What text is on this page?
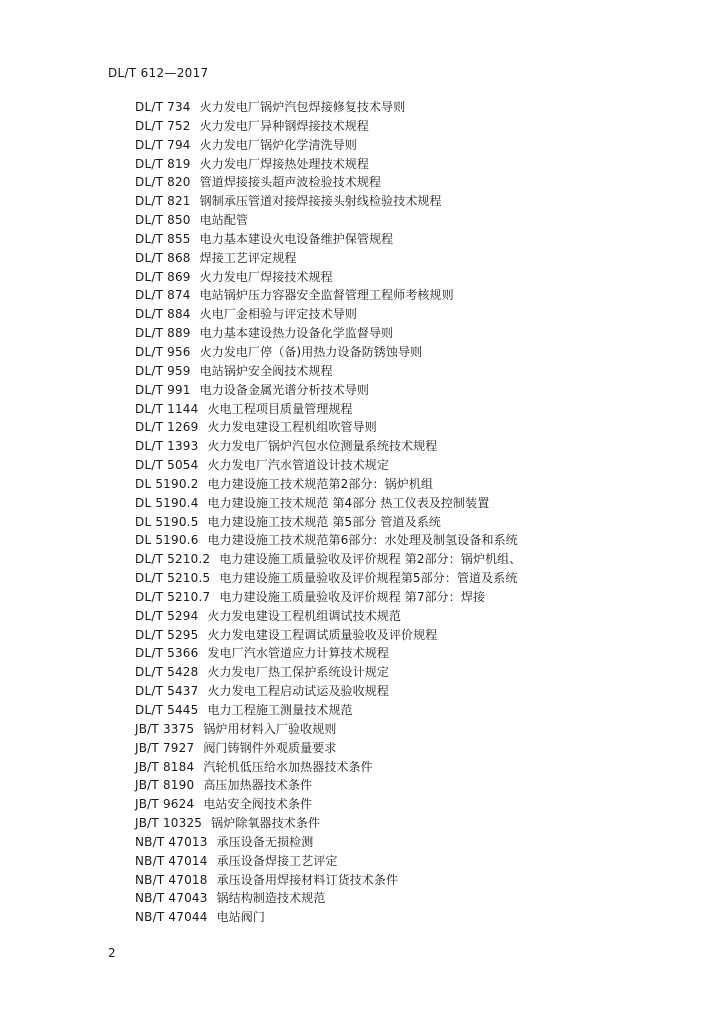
DL/T 612—2017
DL/T 734 火力发电厂锅炉汽包焊接修复技术导则
DL/T 752 火力发电厂异种钢焊接技术规程
DL/T 794 火力发电厂锅炉化学清洗导则
DL/T 819 火力发电厂焊接热处理技术规程
DL/T 820 管道焊接接头超声波检验技术规程
DL/T 821 钢制承压管道对接焊接接头射线检验技术规程
DL/T 850 电站配管
DL/T 855 电力基本建设火电设备维护保管规程
DL/T 868 焊接工艺评定规程
DL/T 869 火力发电厂焊接技术规程
DL/T 874 电站锅炉压力容器安全监督管理工程师考核规则
DL/T 884 火电厂金相验与评定技术导则
DL/T 889 电力基本建设热力设备化学监督导则
DL/T 956 火力发电厂停（备)用热力设备防锈蚀导则
DL/T 959 电站锅炉安全阀技术规程
DL/T 991 电力设备金属光谱分析技术导则
DL/T 1144 火电工程项目质量管理规程
DL/T 1269 火力发电建设工程机组吹管导则
DL/T 1393 火力发电厂锅炉汽包水位测量系统技术规程
DL/T 5054 火力发电厂汽水管道设计技术规定
DL 5190.2 电力建设施工技术规范第2部分：锅炉机组
DL 5190.4 电力建设施工技术规范 第4部分 热工仪表及控制装置
DL 5190.5 电力建设施工技术规范 第5部分 管道及系统
DL 5190.6 电力建设施工技术规范第6部分：水处理及制氢设备和系统
DL/T 5210.2 电力建设施工质量验收及评价规程 第2部分：锅炉机组、
DL/T 5210.5 电力建设施工质量验收及评价规程第5部分：管道及系统
DL/T 5210.7 电力建设施工质量验收及评价规程 第7部分：焊接
DL/T 5294 火力发电建设工程机组调试技术规范
DL/T 5295 火力发电建设工程调试质量验收及评价规程
DL/T 5366 发电厂汽水管道应力计算技术规程
DL/T 5428 火力发电厂热工保护系统设计规定
DL/T 5437 火力发电工程启动试运及验收规程
DL/T 5445 电力工程施工测量技术规范
JB/T 3375 锅炉用材料入厂验收规则
JB/T 7927 阀门铸钢件外观质量要求
JB/T 8184 汽轮机低压给水加热器技术条件
JB/T 8190 高压加热器技术条件
JB/T 9624 电站安全阀技术条件
JB/T 10325 锅炉除氧器技术条件
NB/T 47013 承压设备无损检测
NB/T 47014 承压设备焊接工艺评定
NB/T 47018 承压设备用焊接材料订货技术条件
NB/T 47043 锅结构制造技术规范
NB/T 47044 电站阀门
2
